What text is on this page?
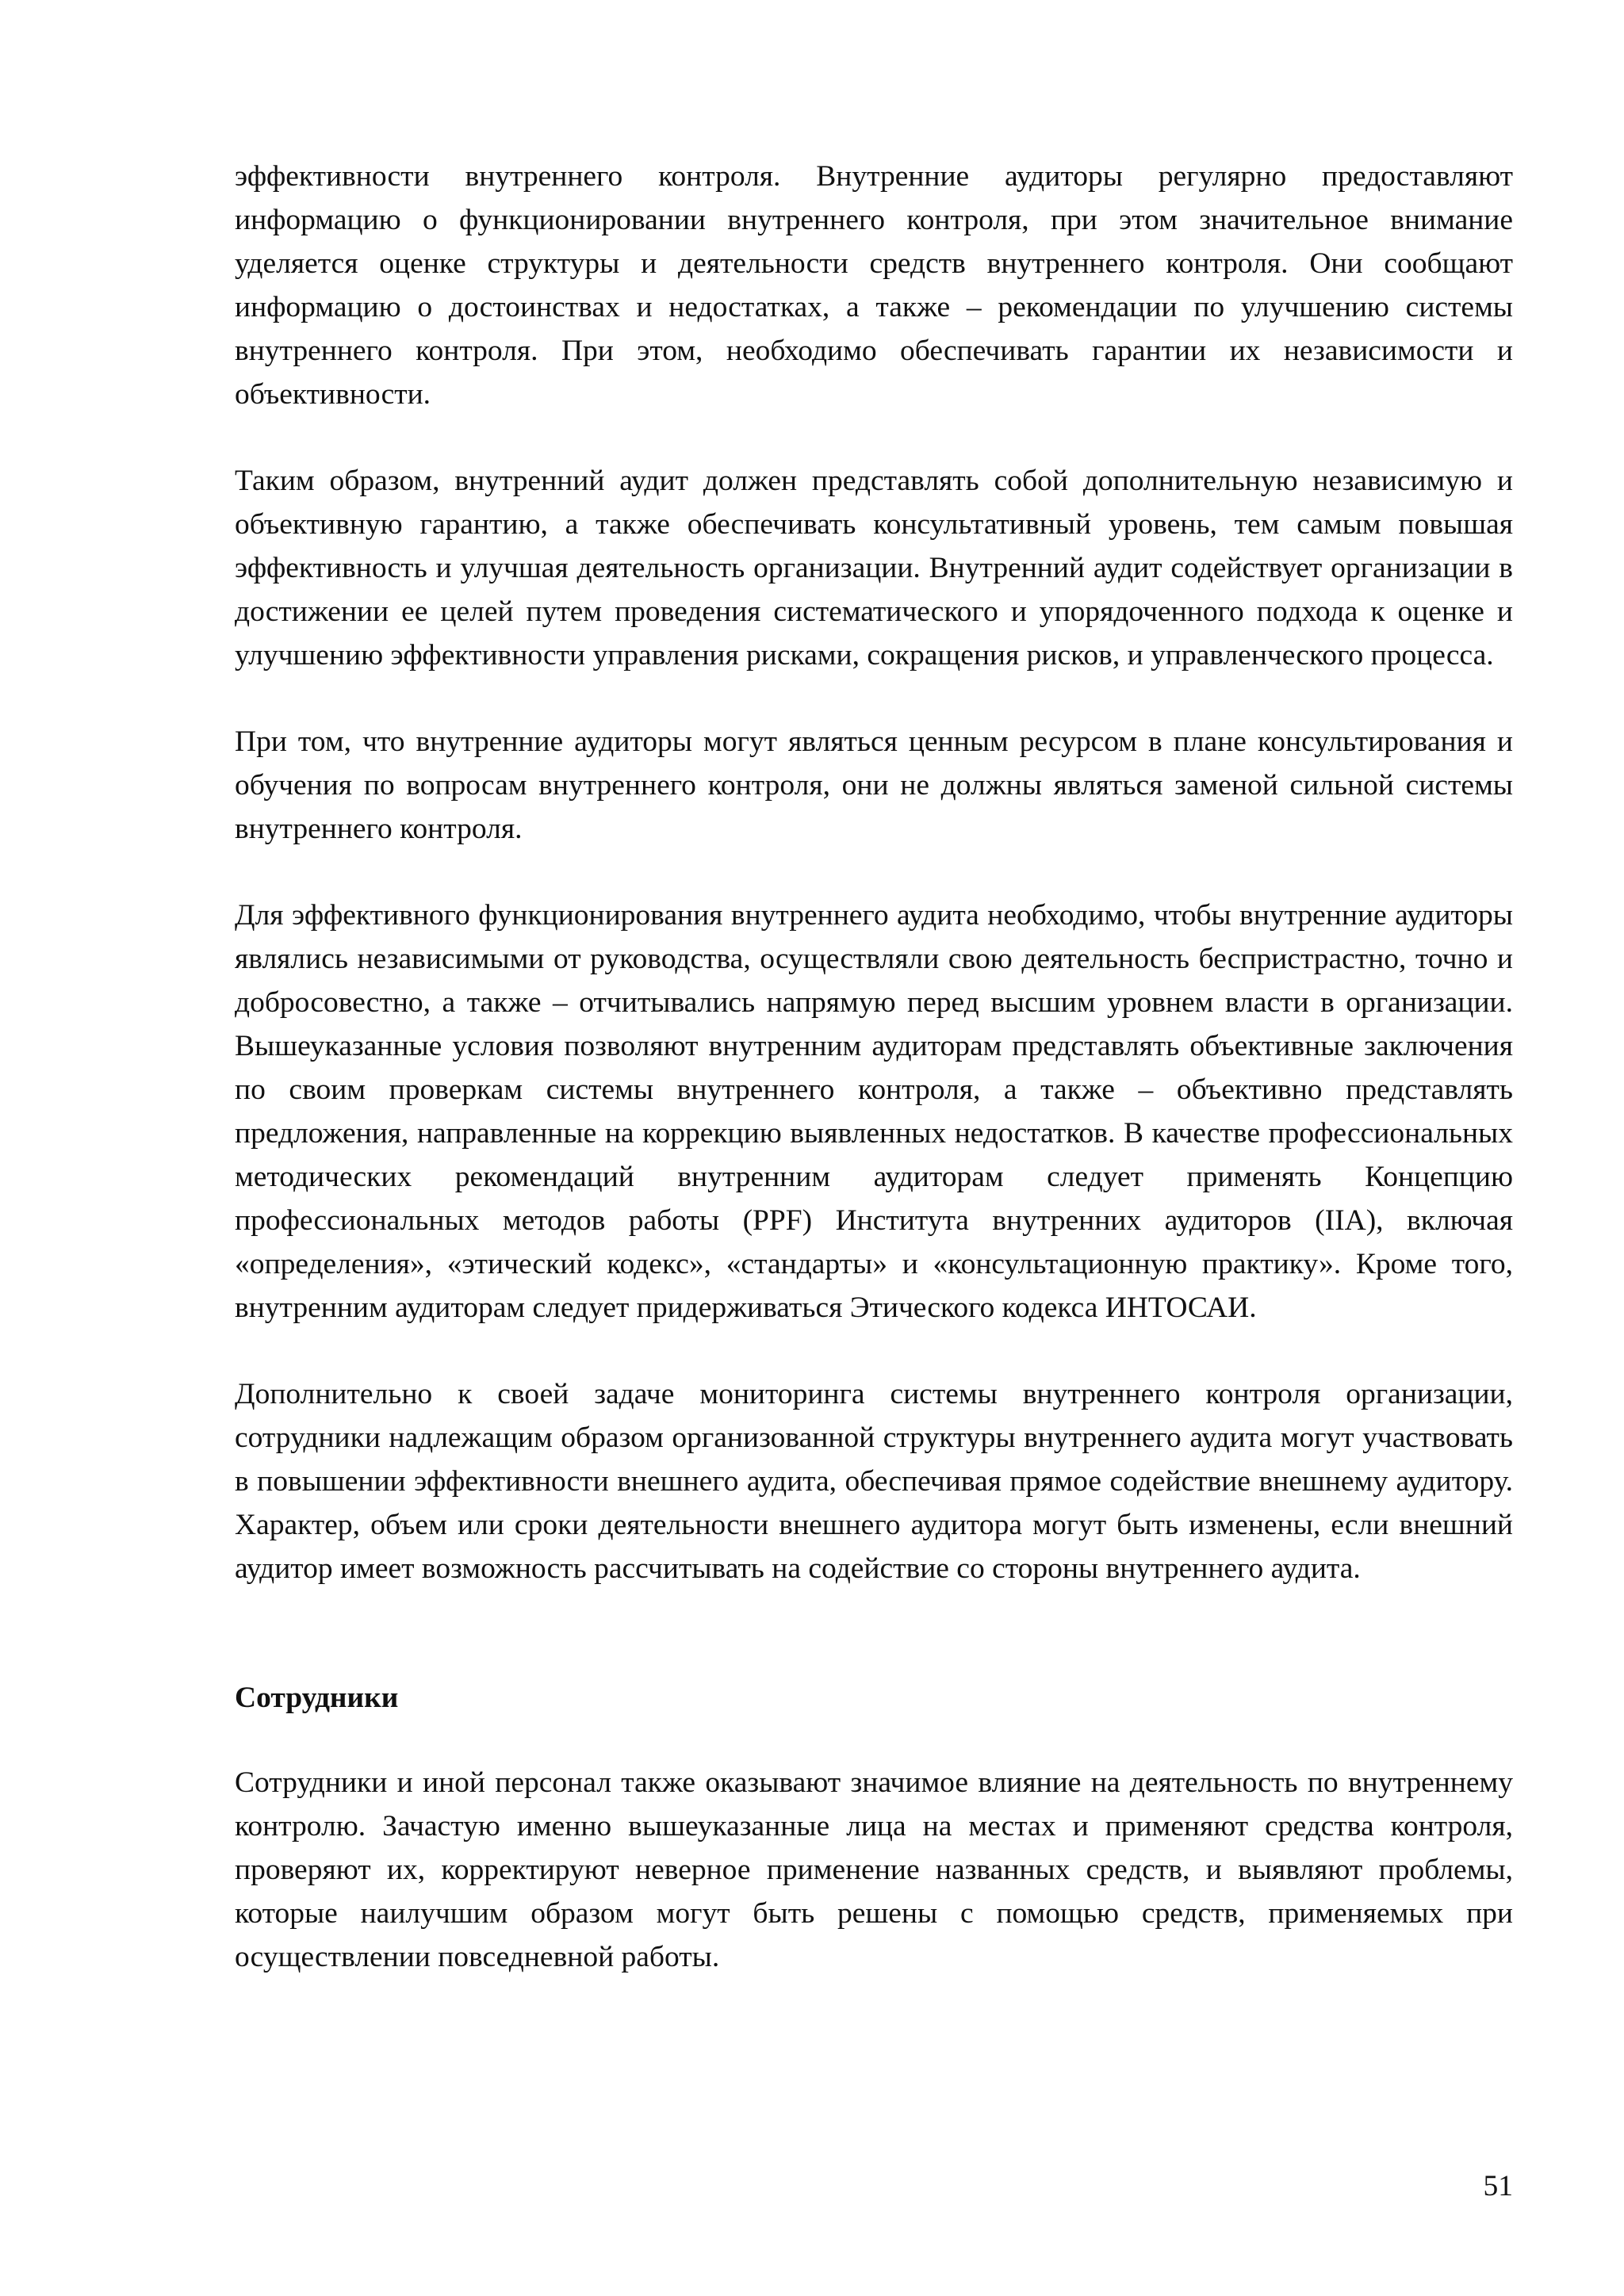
эффективности внутреннего контроля. Внутренние аудиторы регулярно предоставляют информацию о функционировании внутреннего контроля, при этом значительное внимание уделяется оценке структуры и деятельности средств внутреннего контроля. Они сообщают информацию о достоинствах и недостатках, а также – рекомендации по улучшению системы внутреннего контроля. При этом, необходимо обеспечивать гарантии их независимости и объективности.

Таким образом, внутренний аудит должен представлять собой дополнительную независимую и объективную гарантию, а также обеспечивать консультативный уровень, тем самым повышая эффективность и улучшая деятельность организации. Внутренний аудит содействует организации в достижении ее целей путем проведения систематического и упорядоченного подхода к оценке и улучшению эффективности управления рисками, сокращения рисков, и управленческого процесса.

При том, что внутренние аудиторы могут являться ценным ресурсом в плане консультирования и обучения по вопросам внутреннего контроля, они не должны являться заменой сильной системы внутреннего контроля.

Для эффективного функционирования внутреннего аудита необходимо, чтобы внутренние аудиторы являлись независимыми от руководства, осуществляли свою деятельность беспристрастно, точно и добросовестно, а также – отчитывались напрямую перед высшим уровнем власти в организации. Вышеуказанные условия позволяют внутренним аудиторам представлять объективные заключения по своим проверкам системы внутреннего контроля, а также – объективно представлять предложения, направленные на коррекцию выявленных недостатков. В качестве профессиональных методических рекомендаций внутренним аудиторам следует применять Концепцию профессиональных методов работы (PPF) Института внутренних аудиторов (IIA), включая «определения», «этический кодекс», «стандарты» и «консультационную практику». Кроме того, внутренним аудиторам следует придерживаться Этического кодекса ИНТОСАИ.

Дополнительно к своей задаче мониторинга системы внутреннего контроля организации, сотрудники надлежащим образом организованной структуры внутреннего аудита могут участвовать в повышении эффективности внешнего аудита, обеспечивая прямое содействие внешнему аудитору. Характер, объем или сроки деятельности внешнего аудитора могут быть изменены, если внешний аудитор имеет возможность рассчитывать на содействие со стороны внутреннего аудита.

Сотрудники

Сотрудники и иной персонал также оказывают значимое влияние на деятельность по внутреннему контролю. Зачастую именно вышеуказанные лица на местах и применяют средства контроля, проверяют их, корректируют неверное применение названных средств, и выявляют проблемы, которые наилучшим образом могут быть решены с помощью средств, применяемых при осуществлении повседневной работы.

51
